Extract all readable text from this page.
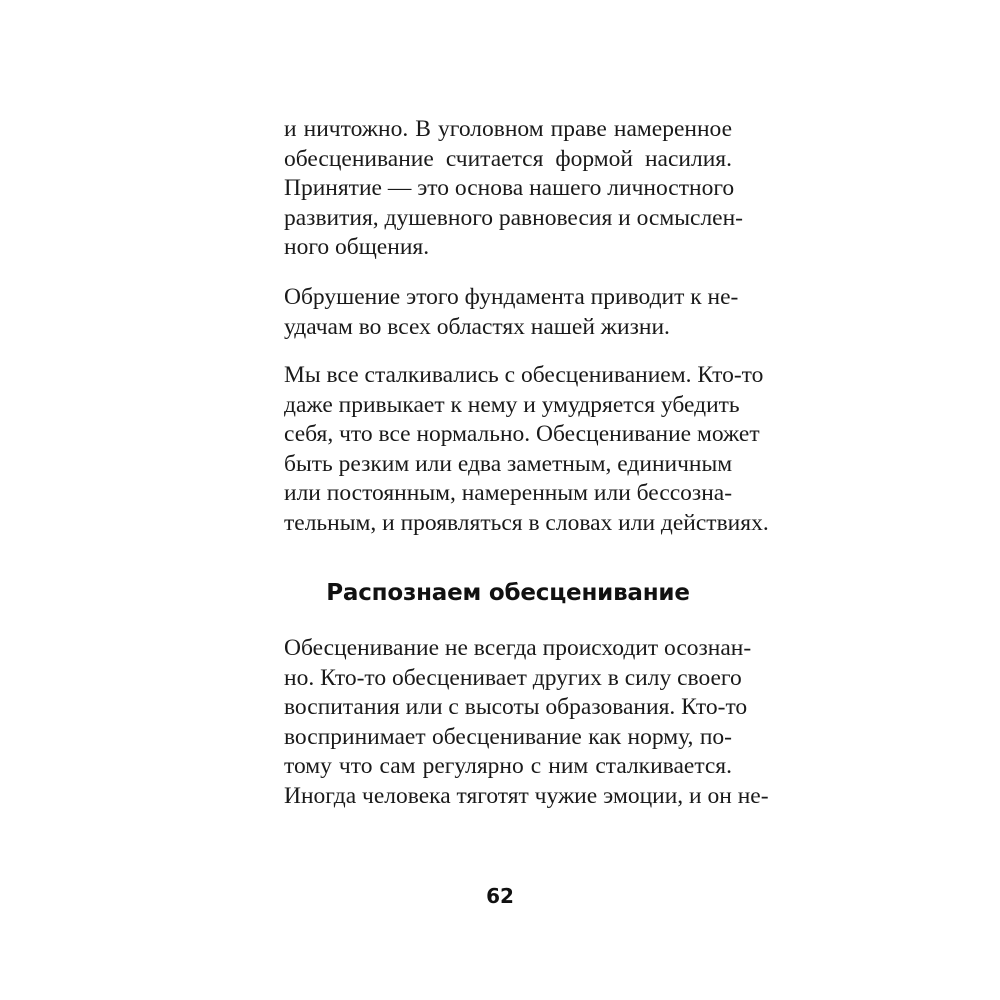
и ничтожно. В уголовном праве намеренное
обесценивание считается формой насилия.
Принятие — это основа нашего личностного
развития, душевного равновесия и осмыслен-
ного общения.
Обрушение этого фундамента приводит к не-
удачам во всех областях нашей жизни.
Мы все сталкивались с обесцениванием. Кто-то
даже привыкает к нему и умудряется убедить
себя, что все нормально. Обесценивание может
быть резким или едва заметным, единичным
или постоянным, намеренным или бессозна-
тельным, и проявляться в словах или действиях.
Распознаем обесценивание
Обесценивание не всегда происходит осознан-
но. Кто-то обесценивает других в силу своего
воспитания или с высоты образования. Кто-то
воспринимает обесценивание как норму, по-
тому что сам регулярно с ним сталкивается.
Иногда человека тяготят чужие эмоции, и он не-
62
